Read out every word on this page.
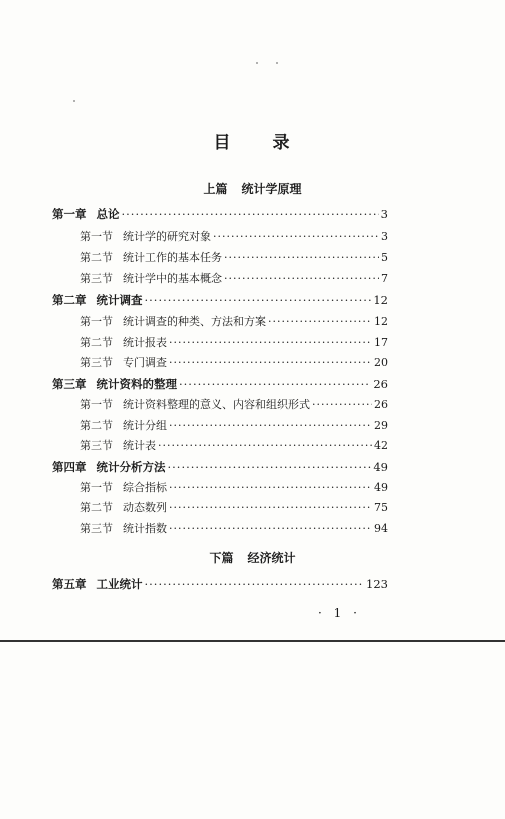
目 录
上篇 统计学原理
第一章 总论 ·····	3
第一节 统计学的研究对象 ·····	3
第二节 统计工作的基本任务 ·····	5
第三节 统计学中的基本概念 ·····	7
第二章 统计调查 ·····	12
第一节 统计调查的种类、方法和方案 ·····	12
第二节 统计报表 ·····	17
第三节 专门调查 ·····	20
第三章 统计资料的整理 ·····	26
第一节 统计资料整理的意义、内容和组织形式 ·····	26
第二节 统计分组 ·····	29
第三节 统计表 ·····	42
第四章 统计分析方法 ·····	49
第一节 综合指标 ·····	49
第二节 动态数列 ·····	75
第三节 统计指数 ·····	94
第五章 工业统计 ·····	123
下篇 经济统计
· 1 ·
